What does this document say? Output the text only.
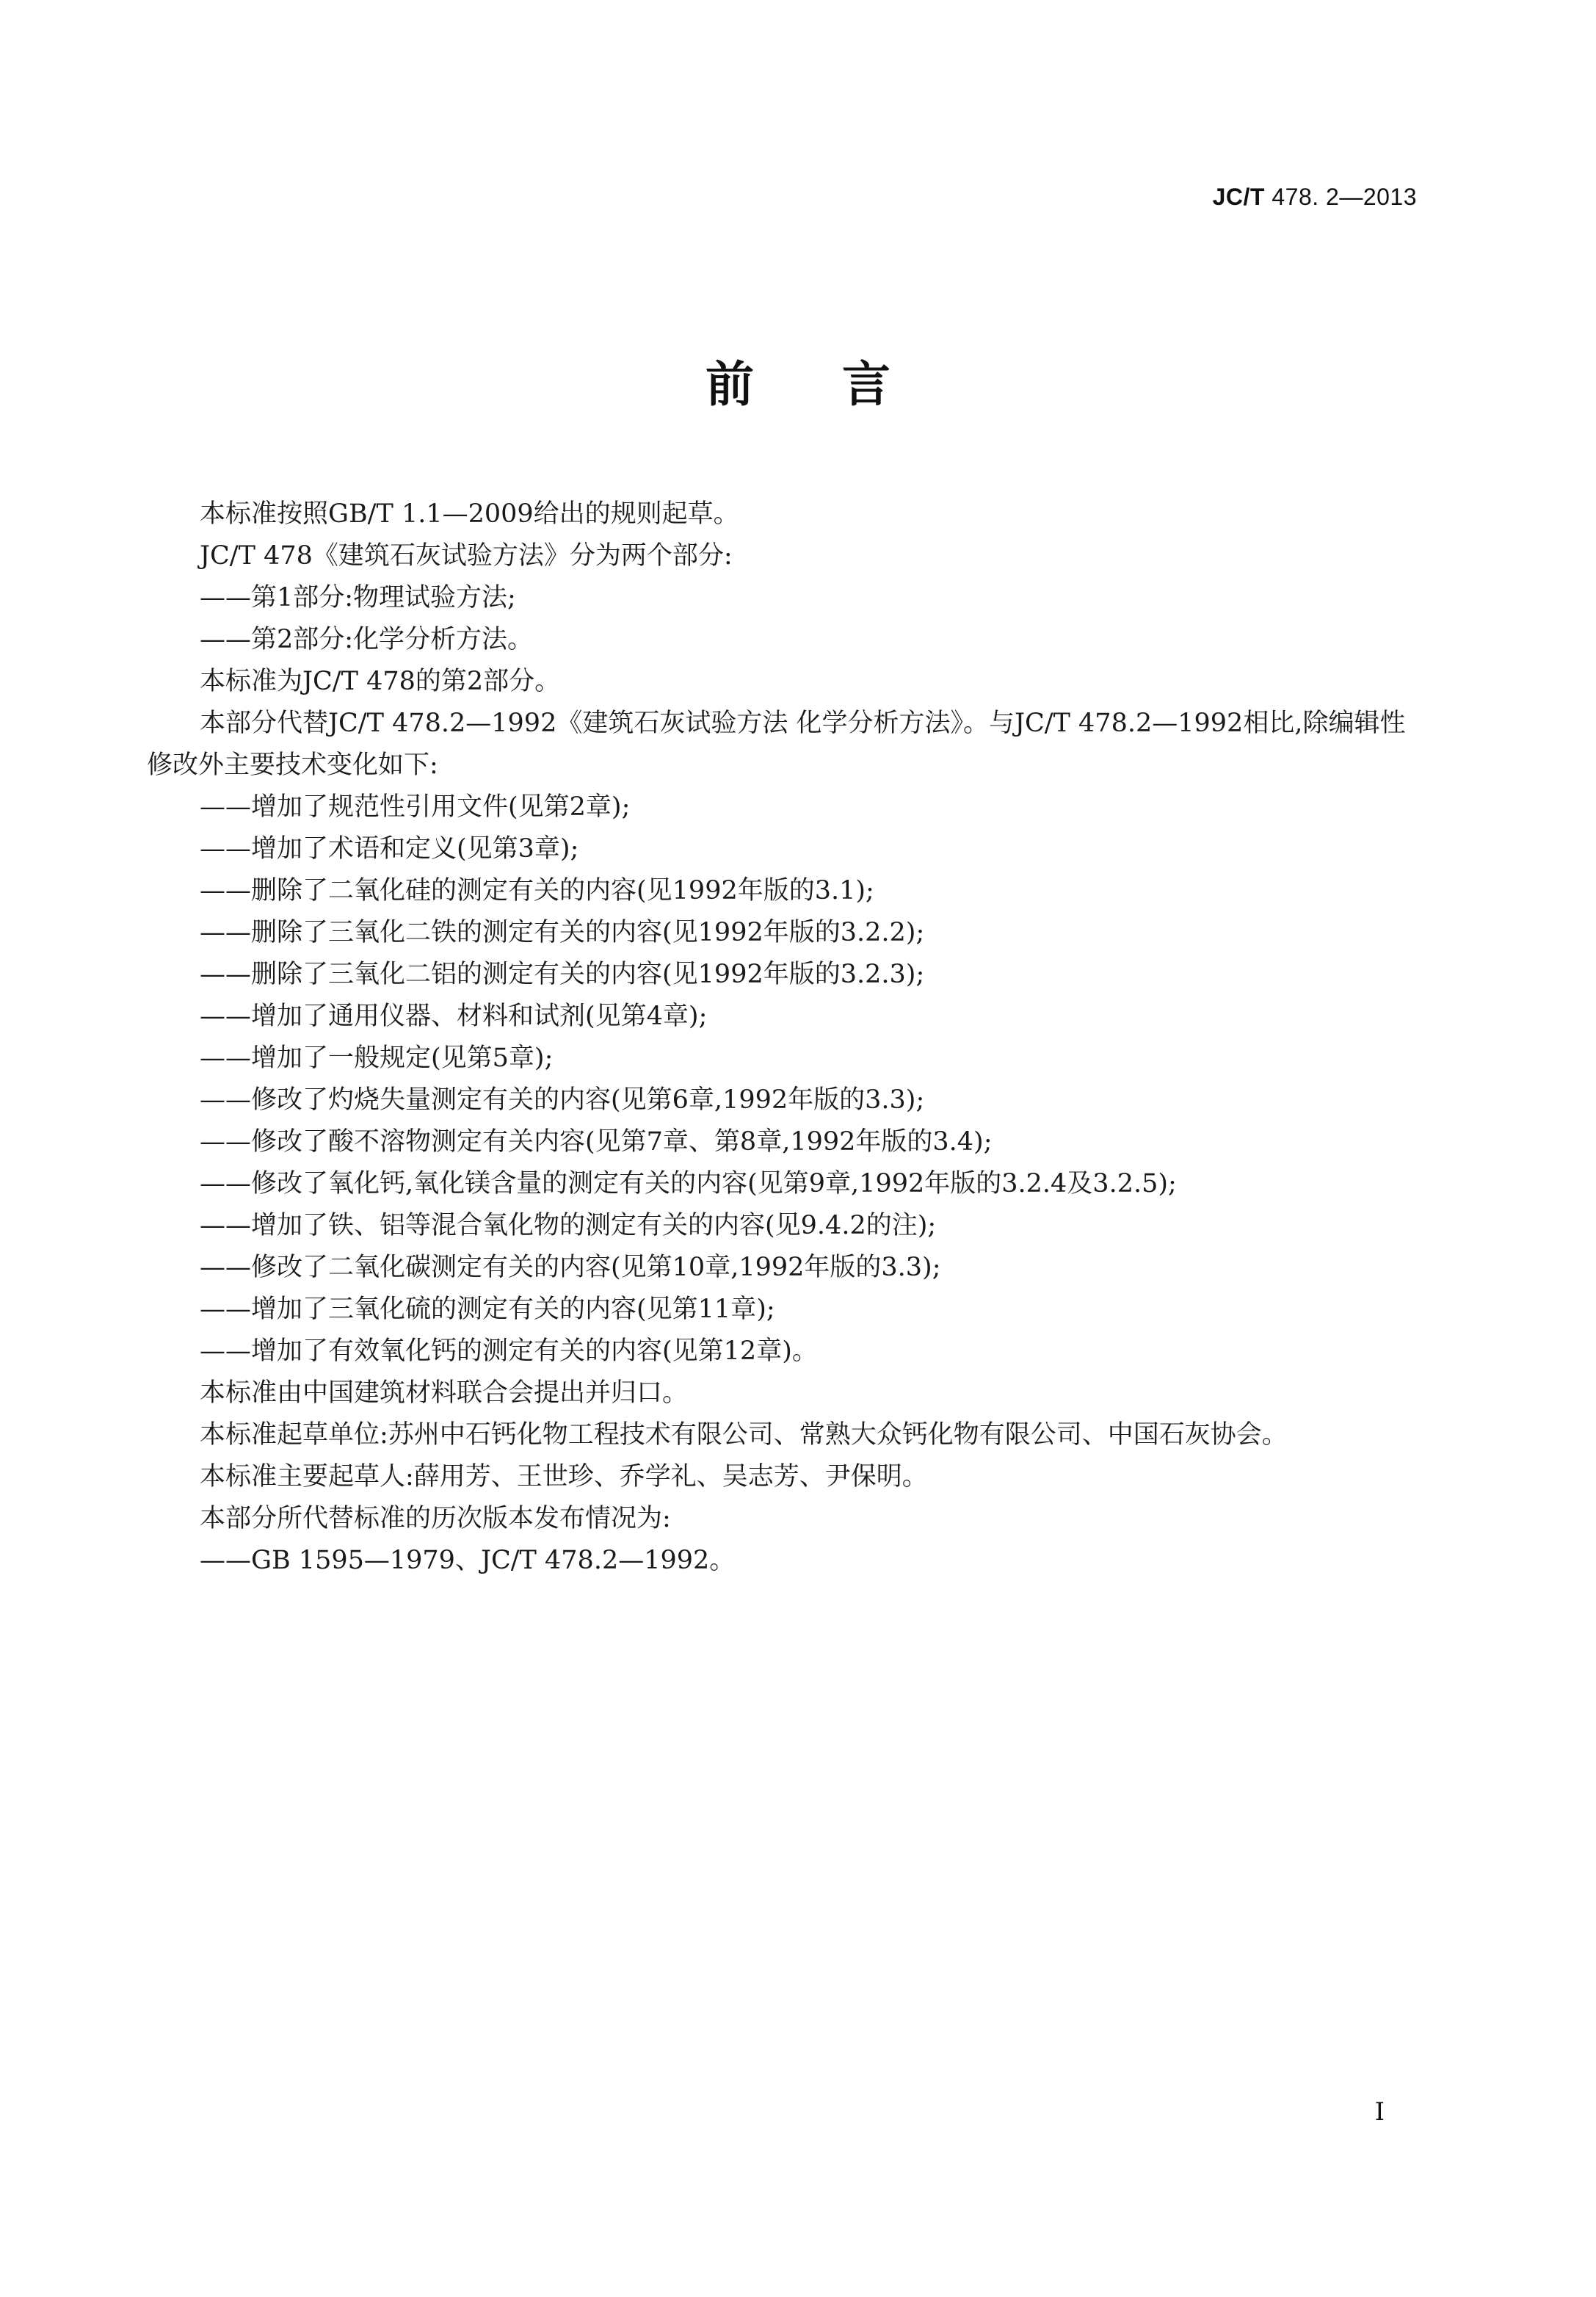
JC/T 478. 2—2013
前言

本标准按照GB/T 1.1—2009给出的规则起草。

JC/T 478《建筑石灰试验方法》分为两个部分:

——第1部分:物理试验方法;

——第2部分:化学分析方法。

本标准为JC/T 478的第2部分。

本部分代替JC/T 478.2—1992《建筑石灰试验方法 化学分析方法》。与JC/T 478.2—1992相比,除编辑性修改外主要技术变化如下:

——增加了规范性引用文件(见第2章);

——增加了术语和定义(见第3章);

——删除了二氧化硅的测定有关的内容(见1992年版的3.1);

——删除了三氧化二铁的测定有关的内容(见1992年版的3.2.2);

——删除了三氧化二铝的测定有关的内容(见1992年版的3.2.3);

——增加了通用仪器、材料和试剂(见第4章);

——增加了一般规定(见第5章);

——修改了灼烧失量测定有关的内容(见第6章,1992年版的3.3);

——修改了酸不溶物测定有关内容(见第7章、第8章,1992年版的3.4);

——修改了氧化钙,氧化镁含量的测定有关的内容(见第9章,1992年版的3.2.4及3.2.5);

——增加了铁、铝等混合氧化物的测定有关的内容(见9.4.2的注);

——修改了二氧化碳测定有关的内容(见第10章,1992年版的3.3);

——增加了三氧化硫的测定有关的内容(见第11章);

——增加了有效氧化钙的测定有关的内容(见第12章)。

本标准由中国建筑材料联合会提出并归口。

本标准起草单位:苏州中石钙化物工程技术有限公司、常熟大众钙化物有限公司、中国石灰协会。

本标准主要起草人:薛用芳、王世珍、乔学礼、吴志芳、尹保明。

本部分所代替标准的历次版本发布情况为:

——GB 1595—1979、JC/T 478.2—1992。

I
